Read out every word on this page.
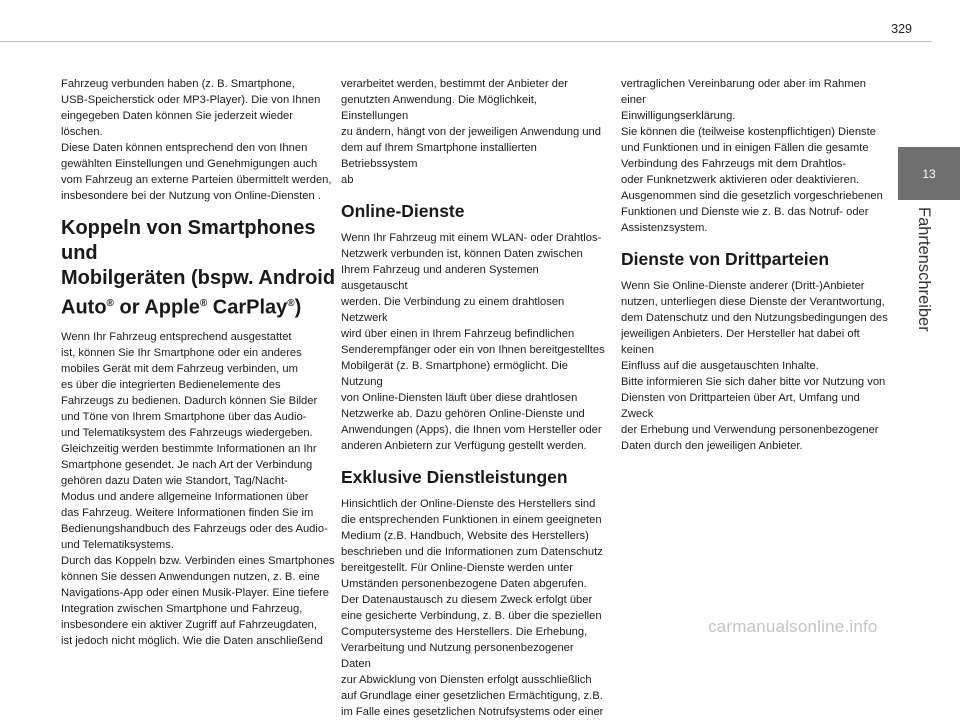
329
13
Fahrtenschreiber

Fahrzeug verbunden haben (z. B. Smartphone,
USB-Speicherstick oder MP3-Player). Die von Ihnen
eingegeben Daten können Sie jederzeit wieder
löschen.
Diese Daten können entsprechend den von Ihnen
gewählten Einstellungen und Genehmigungen auch
vom Fahrzeug an externe Parteien übermittelt werden,
insbesondere bei der Nutzung von Online-Diensten .

Koppeln von Smartphones und
Mobilgeräten (bspw. Android
Auto® or Apple® CarPlay®)

Wenn Ihr Fahrzeug entsprechend ausgestattet
ist, können Sie Ihr Smartphone oder ein anderes
mobiles Gerät mit dem Fahrzeug verbinden, um
es über die integrierten Bedienelemente des
Fahrzeugs zu bedienen. Dadurch können Sie Bilder
und Töne von Ihrem Smartphone über das Audio-
und Telematiksystem des Fahrzeugs wiedergeben.
Gleichzeitig werden bestimmte Informationen an Ihr
Smartphone gesendet. Je nach Art der Verbindung
gehören dazu Daten wie Standort, Tag/Nacht-
Modus und andere allgemeine Informationen über
das Fahrzeug. Weitere Informationen finden Sie im
Bedienungshandbuch des Fahrzeugs oder des Audio-
und Telematiksystems.
Durch das Koppeln bzw. Verbinden eines Smartphones
können Sie dessen Anwendungen nutzen, z. B. eine
Navigations-App oder einen Musik-Player. Eine tiefere
Integration zwischen Smartphone und Fahrzeug,
insbesondere ein aktiver Zugriff auf Fahrzeugdaten,
ist jedoch nicht möglich. Wie die Daten anschließend

verarbeitet werden, bestimmt der Anbieter der
genutzten Anwendung. Die Möglichkeit, Einstellungen
zu ändern, hängt von der jeweiligen Anwendung und
dem auf Ihrem Smartphone installierten Betriebssystem
ab

Online-Dienste

Wenn Ihr Fahrzeug mit einem WLAN- oder Drahtlos-
Netzwerk verbunden ist, können Daten zwischen
Ihrem Fahrzeug und anderen Systemen ausgetauscht
werden. Die Verbindung zu einem drahtlosen Netzwerk
wird über einen in Ihrem Fahrzeug befindlichen
Senderempfänger oder ein von Ihnen bereitgestelltes
Mobilgerät (z. B. Smartphone) ermöglicht. Die Nutzung
von Online-Diensten läuft über diese drahtlosen
Netzwerke ab. Dazu gehören Online-Dienste und
Anwendungen (Apps), die Ihnen vom Hersteller oder
anderen Anbietern zur Verfügung gestellt werden.

Exklusive Dienstleistungen

Hinsichtlich der Online-Dienste des Herstellers sind
die entsprechenden Funktionen in einem geeigneten
Medium (z.B. Handbuch, Website des Herstellers)
beschrieben und die Informationen zum Datenschutz
bereitgestellt. Für Online-Dienste werden unter
Umständen personenbezogene Daten abgerufen.
Der Datenaustausch zu diesem Zweck erfolgt über
eine gesicherte Verbindung, z. B. über die speziellen
Computersysteme des Herstellers. Die Erhebung,
Verarbeitung und Nutzung personenbezogener Daten
zur Abwicklung von Diensten erfolgt ausschließlich
auf Grundlage einer gesetzlichen Ermächtigung, z.B.
im Falle eines gesetzlichen Notrufsystems oder einer

vertraglichen Vereinbarung oder aber im Rahmen einer
Einwilligungserklärung.
Sie können die (teilweise kostenpflichtigen) Dienste
und Funktionen und in einigen Fällen die gesamte
Verbindung des Fahrzeugs mit dem Drahtlos-
oder Funknetzwerk aktivieren oder deaktivieren.
Ausgenommen sind die gesetzlich vorgeschriebenen
Funktionen und Dienste wie z. B. das Notruf- oder
Assistenzsystem.

Dienste von Drittparteien

Wenn Sie Online-Dienste anderer (Dritt-)Anbieter
nutzen, unterliegen diese Dienste der Verantwortung,
dem Datenschutz und den Nutzungsbedingungen des
jeweiligen Anbieters. Der Hersteller hat dabei oft keinen
Einfluss auf die ausgetauschten Inhalte.
Bitte informieren Sie sich daher bitte vor Nutzung von
Diensten von Drittparteien über Art, Umfang und Zweck
der Erhebung und Verwendung personenbezogener
Daten durch den jeweiligen Anbieter.

carmanualsonline.info
